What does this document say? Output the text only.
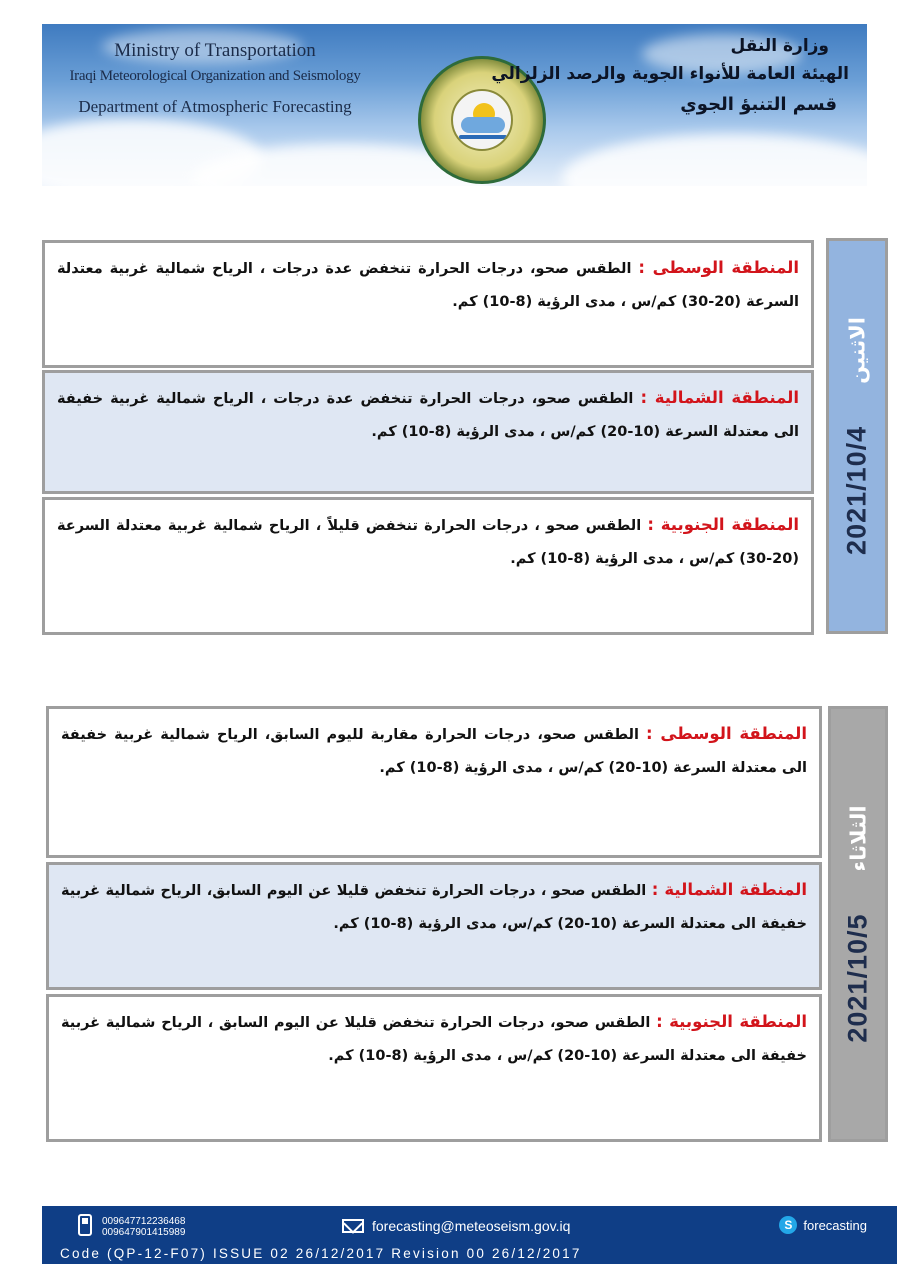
Ministry of Transportation
Iraqi Meteorological Organization and Seismology
Department of Atmospheric Forecasting
وزارة النقل
الهيئة العامة للأنواء الجوية والرصد الزلزالي
قسم التنبؤ الجوي
المنطقة الوسطى : الطقس صحو، درجات الحرارة تنخفض عدة درجات ، الرياح شمالية غربية معتدلة السرعة (20-30) كم/س ، مدى الرؤية (8-10) كم.
المنطقة الشمالية : الطقس صحو، درجات الحرارة تنخفض عدة درجات ، الرياح شمالية غربية خفيفة الى معتدلة السرعة (10-20) كم/س ، مدى الرؤية (8-10) كم.
المنطقة الجنوبية : الطقس صحو ، درجات الحرارة تنخفض قليلاً ، الرياح شمالية غربية معتدلة السرعة (20-30) كم/س ، مدى الرؤية (8-10) كم.
2021/10/4
الاثنين
المنطقة الوسطى : الطقس صحو، درجات الحرارة مقاربة لليوم السابق، الرياح شمالية غربية خفيفة الى معتدلة السرعة (10-20) كم/س ، مدى الرؤية (8-10) كم.
المنطقة الشمالية : الطقس صحو ، درجات الحرارة تنخفض قليلا عن اليوم السابق، الرياح شمالية غربية خفيفة الى معتدلة السرعة (10-20) كم/س، مدى الرؤية (8-10) كم.
المنطقة الجنوبية : الطقس صحو، درجات الحرارة تنخفض قليلا عن اليوم السابق ، الرياح شمالية غربية خفيفة الى معتدلة السرعة (10-20) كم/س ، مدى الرؤية (8-10) كم.
2021/10/5
الثلاثاء
009647712236468
009647901415989	forecasting@meteoseism.gov.iq	S forecasting
Code (QP-12-F07) ISSUE 02 26/12/2017 Revision 00 26/12/2017
